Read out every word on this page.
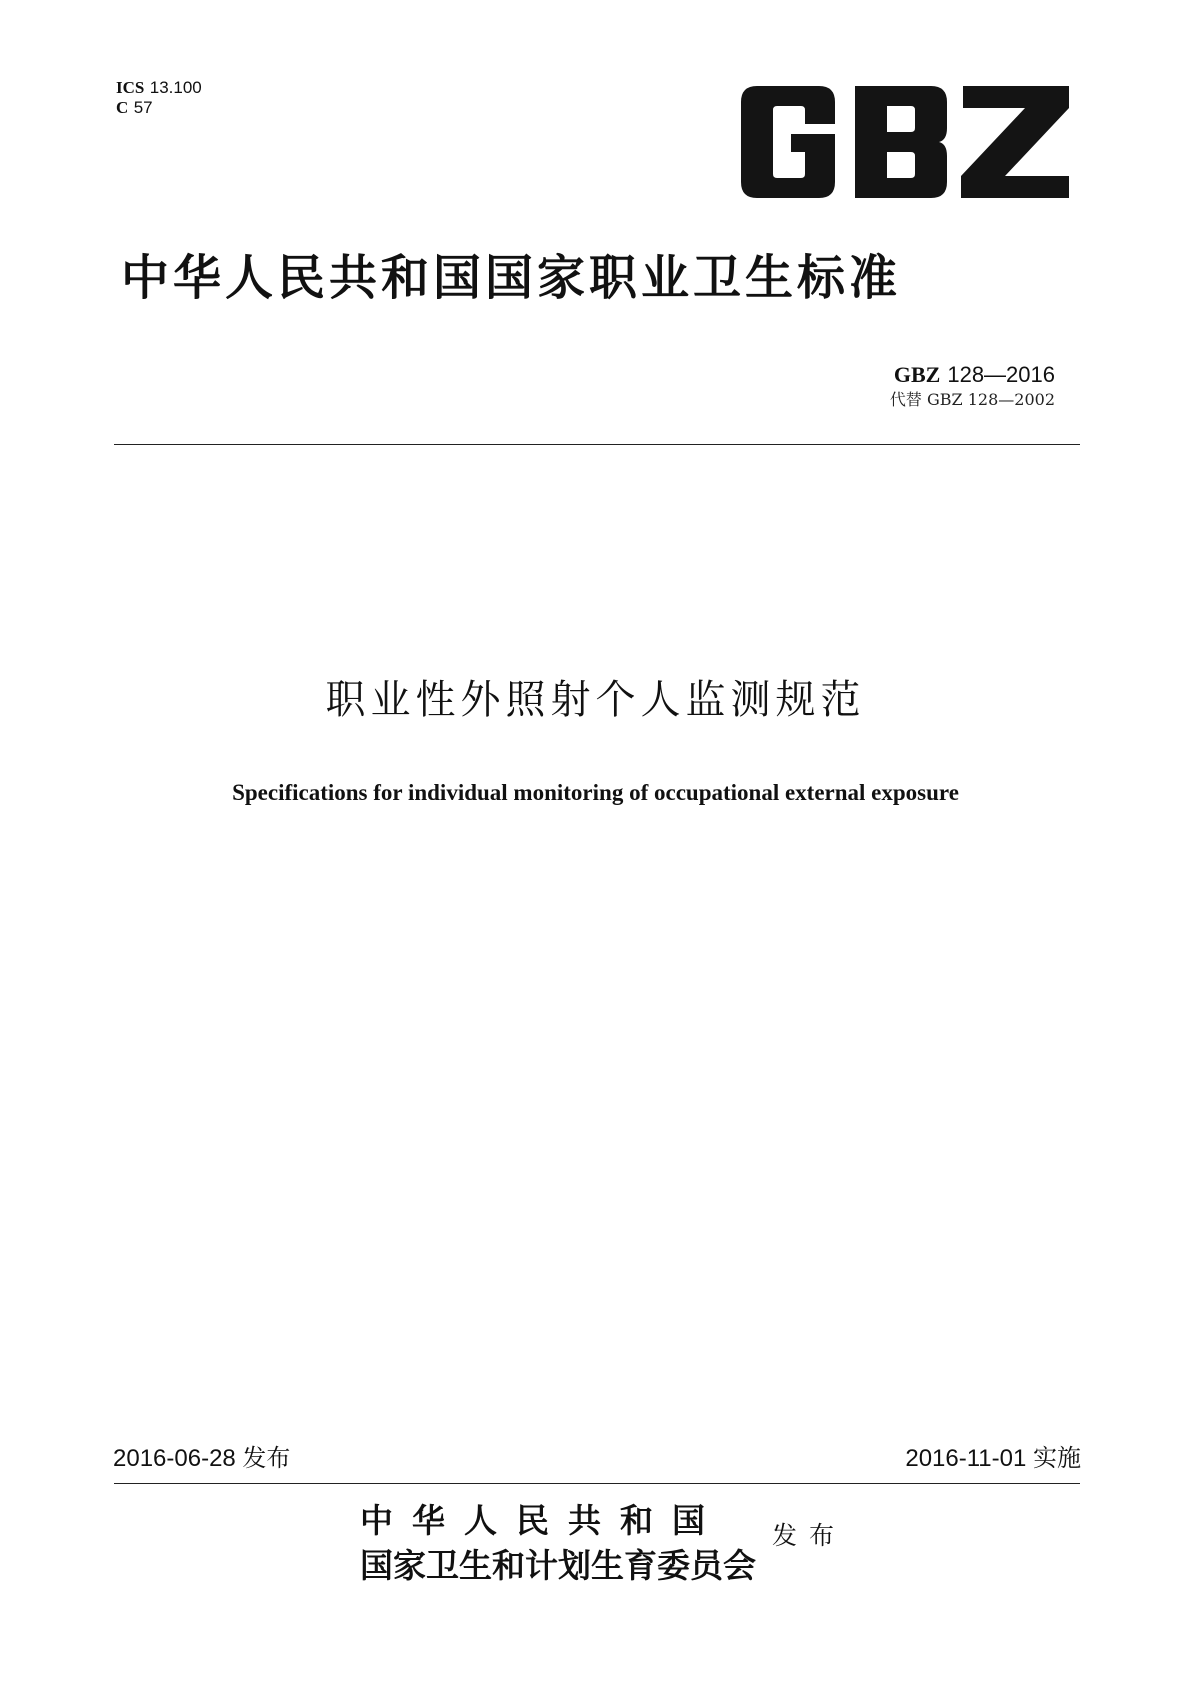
ICS 13.100
C 57
中华人民共和国国家职业卫生标准
GBZ 128—2016
代替 GBZ 128—2002
职业性外照射个人监测规范
Specifications for individual monitoring of occupational external exposure
2016-06-28 发布	2016-11-01 实施
中华人民共和国
国家卫生和计划生育委员会
发布
